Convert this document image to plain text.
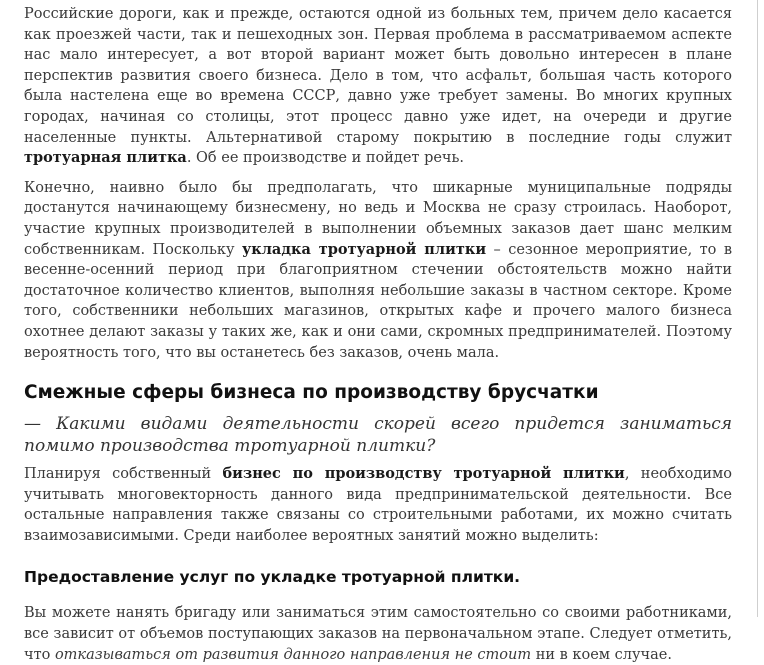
Российские дороги, как и прежде, остаются одной из больных тем, причем дело касается как проезжей части, так и пешеходных зон. Первая проблема в рассматриваемом аспекте нас мало интересует, а вот второй вариант может быть довольно интересен в плане перспектив развития своего бизнеса. Дело в том, что асфальт, большая часть которого была настелена еще во времена СССР, давно уже требует замены. Во многих крупных городах, начиная со столицы, этот процесс давно уже идет, на очереди и другие населенные пункты. Альтернативой старому покрытию в последние годы служит тротуарная плитка. Об ее производстве и пойдет речь.

Конечно, наивно было бы предполагать, что шикарные муниципальные подряды достанутся начинающему бизнесмену, но ведь и Москва не сразу строилась. Наоборот, участие крупных производителей в выполнении объемных заказов дает шанс мелким собственникам. Поскольку укладка тротуарной плитки – сезонное мероприятие, то в весенне-осенний период при благоприятном стечении обстоятельств можно найти достаточное количество клиентов, выполняя небольшие заказы в частном секторе. Кроме того, собственники небольших магазинов, открытых кафе и прочего малого бизнеса охотнее делают заказы у таких же, как и они сами, скромных предпринимателей. Поэтому вероятность того, что вы останетесь без заказов, очень мала.

Смежные сферы бизнеса по производству брусчатки
— Какими видами деятельности скорей всего придется заниматься помимо производства тротуарной плитки?

Планируя собственный бизнес по производству тротуарной плитки, необходимо учитывать многовекторность данного вида предпринимательской деятельности. Все остальные направления также связаны со строительными работами, их можно считать взаимозависимыми. Среди наиболее вероятных занятий можно выделить:

Предоставление услуг по укладке тротуарной плитки.

Вы можете нанять бригаду или заниматься этим самостоятельно со своими работниками, все зависит от объемов поступающих заказов на первоначальном этапе. Следует отметить, что отказываться от развития данного направления не стоит ни в коем случае.
